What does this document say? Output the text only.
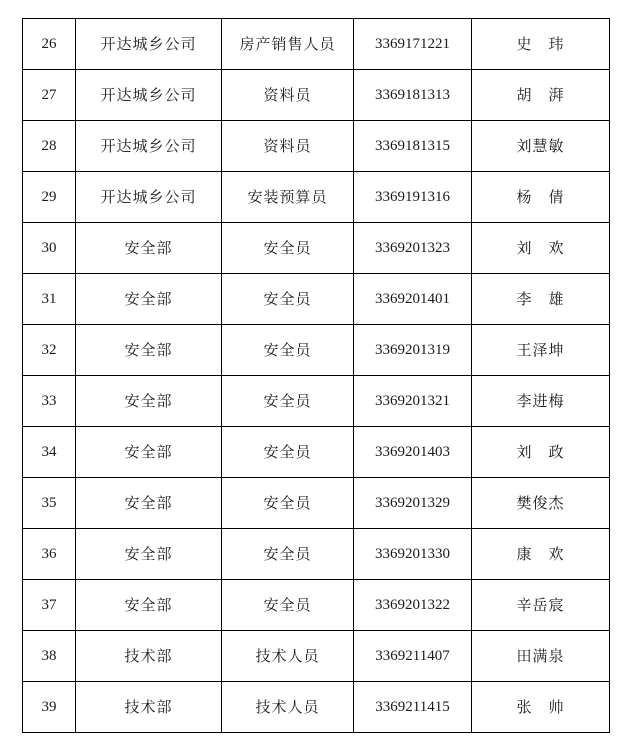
26	开达城乡公司	房产销售人员	3369171221	史　玮
27	开达城乡公司	资料员	3369181313	胡　湃
28	开达城乡公司	资料员	3369181315	刘慧敏
29	开达城乡公司	安装预算员	3369191316	杨　倩
30	安全部	安全员	3369201323	刘　欢
31	安全部	安全员	3369201401	李　雄
32	安全部	安全员	3369201319	王泽坤
33	安全部	安全员	3369201321	李进梅
34	安全部	安全员	3369201403	刘　政
35	安全部	安全员	3369201329	樊俊杰
36	安全部	安全员	3369201330	康　欢
37	安全部	安全员	3369201322	辛岳宸
38	技术部	技术人员	3369211407	田满泉
39	技术部	技术人员	3369211415	张　帅
